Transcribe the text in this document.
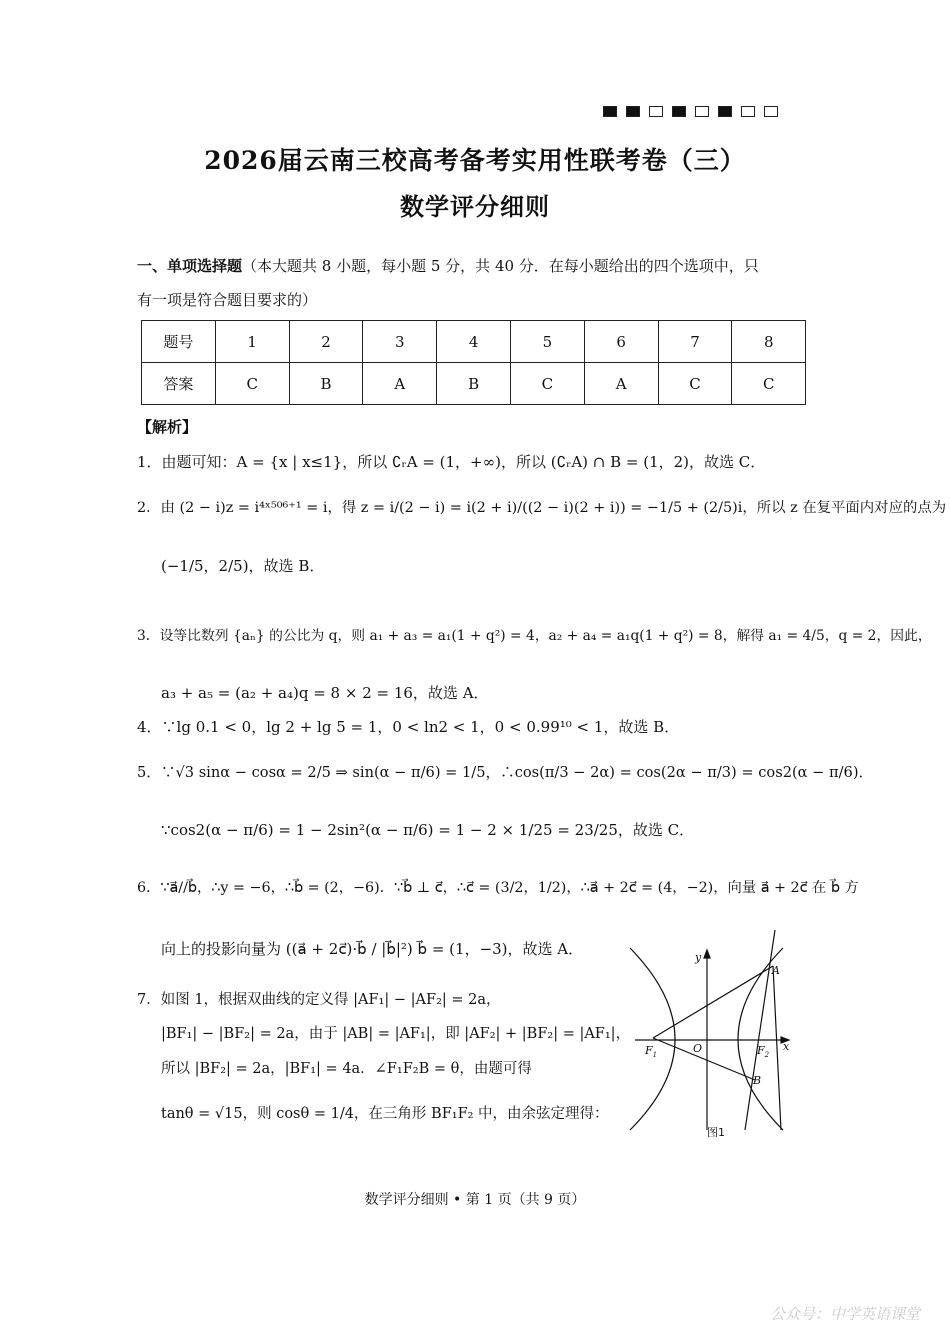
2026届云南三校高考备考实用性联考卷（三）
数学评分细则
一、单项选择题（本大题共 8 小题，每小题 5 分，共 40 分．在每小题给出的四个选项中，只
有一项是符合题目要求的）
题号	1	2	3	4	5	6	7	8
答案	C	B	A	B	C	A	C	C
【解析】
1．由题可知：A = {x | x≤1}，所以 ∁ᵣA = (1，+∞)，所以 (∁ᵣA) ∩ B = (1，2)，故选 C．
2．由 (2 − i)z = i⁴ˣ⁵⁰⁶⁺¹ = i，得 z = i/(2 − i) = i(2 + i)/((2 − i)(2 + i)) = −1/5 + (2/5)i，所以 z 在复平面内对应的点为
(−1/5，2/5)，故选 B．
3．设等比数列 {aₙ} 的公比为 q，则 a₁ + a₃ = a₁(1 + q²) = 4，a₂ + a₄ = a₁q(1 + q²) = 8，解得 a₁ = 4/5，q = 2，因此，
a₃ + a₅ = (a₂ + a₄)q = 8 × 2 = 16，故选 A．
4．∵lg 0.1 < 0，lg 2 + lg 5 = 1，0 < ln2 < 1，0 < 0.99¹⁰ < 1，故选 B．
5．∵√3 sinα − cosα = 2/5 ⇒ sin(α − π/6) = 1/5，∴cos(π/3 − 2α) = cos(2α − π/3) = cos2(α − π/6)．
∵cos2(α − π/6) = 1 − 2sin²(α − π/6) = 1 − 2 × 1/25 = 23/25，故选 C．
6．∵a⃗//b⃗，∴y = −6，∴b⃗ = (2，−6)．∵b⃗ ⊥ c⃗，∴c⃗ = (3/2，1/2)，∴a⃗ + 2c⃗ = (4，−2)，向量 a⃗ + 2c⃗ 在 b⃗ 方
向上的投影向量为 ((a⃗ + 2c⃗)·b⃗ / |b⃗|²) b⃗ = (1，−3)，故选 A．
7．如图 1，根据双曲线的定义得 |AF₁| − |AF₂| = 2a，
|BF₁| − |BF₂| = 2a，由于 |AB| = |AF₁|，即 |AF₂| + |BF₂| = |AF₁|，
所以 |BF₂| = 2a，|BF₁| = 4a．∠F₁F₂B = θ，由题可得
tanθ = √15，则 cosθ = 1/4，在三角形 BF₁F₂ 中，由余弦定理得：
y
x
O
$F_1$	$F_2$
A
B
图1
数学评分细则 • 第 1 页（共 9 页）
公众号：中学英语课堂
